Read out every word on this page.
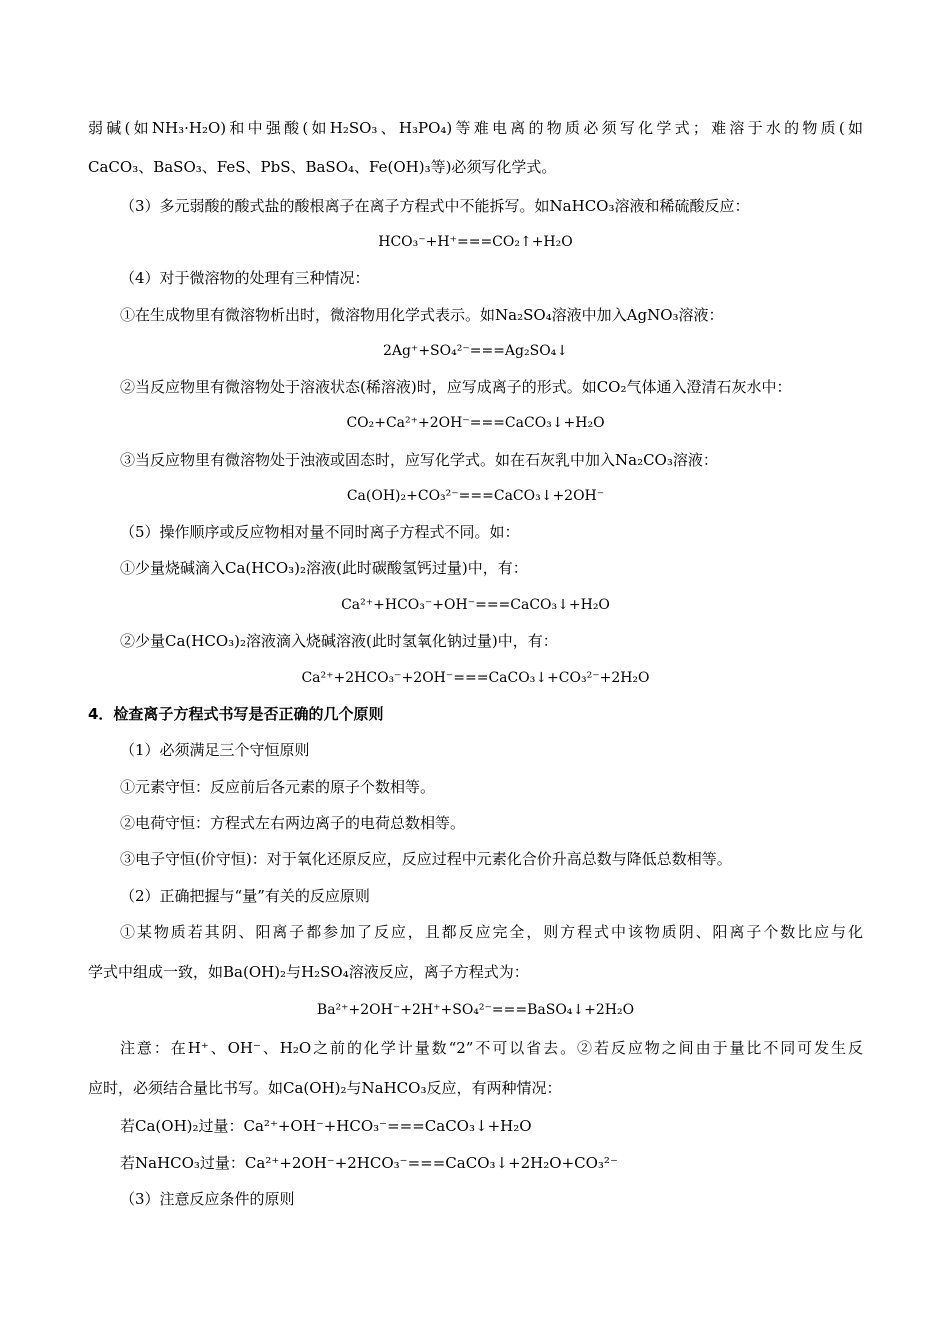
弱碱(如NH₃·H₂O)和中强酸(如H₂SO₃、H₃PO₄)等难电离的物质必须写化学式；难溶于水的物质(如
CaCO₃、BaSO₃、FeS、PbS、BaSO₄、Fe(OH)₃等)必须写化学式。
（3）多元弱酸的酸式盐的酸根离子在离子方程式中不能拆写。如NaHCO₃溶液和稀硫酸反应：
HCO₃⁻+H⁺===CO₂↑+H₂O
（4）对于微溶物的处理有三种情况：
①在生成物里有微溶物析出时，微溶物用化学式表示。如Na₂SO₄溶液中加入AgNO₃溶液：
2Ag⁺+SO₄²⁻===Ag₂SO₄↓
②当反应物里有微溶物处于溶液状态(稀溶液)时，应写成离子的形式。如CO₂气体通入澄清石灰水中：
CO₂+Ca²⁺+2OH⁻===CaCO₃↓+H₂O
③当反应物里有微溶物处于浊液或固态时，应写化学式。如在石灰乳中加入Na₂CO₃溶液：
Ca(OH)₂+CO₃²⁻===CaCO₃↓+2OH⁻
（5）操作顺序或反应物相对量不同时离子方程式不同。如：
①少量烧碱滴入Ca(HCO₃)₂溶液(此时碳酸氢钙过量)中，有：
Ca²⁺+HCO₃⁻+OH⁻===CaCO₃↓+H₂O
②少量Ca(HCO₃)₂溶液滴入烧碱溶液(此时氢氧化钠过量)中，有：
Ca²⁺+2HCO₃⁻+2OH⁻===CaCO₃↓+CO₃²⁻+2H₂O
4．检查离子方程式书写是否正确的几个原则
（1）必须满足三个守恒原则
①元素守恒：反应前后各元素的原子个数相等。
②电荷守恒：方程式左右两边离子的电荷总数相等。
③电子守恒(价守恒)：对于氧化还原反应，反应过程中元素化合价升高总数与降低总数相等。
（2）正确把握与“量”有关的反应原则
①某物质若其阴、阳离子都参加了反应，且都反应完全，则方程式中该物质阴、阳离子个数比应与化
学式中组成一致，如Ba(OH)₂与H₂SO₄溶液反应，离子方程式为：
Ba²⁺+2OH⁻+2H⁺+SO₄²⁻===BaSO₄↓+2H₂O
注意：在H⁺、OH⁻、H₂O之前的化学计量数“2”不可以省去。②若反应物之间由于量比不同可发生反
应时，必须结合量比书写。如Ca(OH)₂与NaHCO₃反应，有两种情况：
若Ca(OH)₂过量：Ca²⁺+OH⁻+HCO₃⁻===CaCO₃↓+H₂O
若NaHCO₃过量：Ca²⁺+2OH⁻+2HCO₃⁻===CaCO₃↓+2H₂O+CO₃²⁻
（3）注意反应条件的原则
